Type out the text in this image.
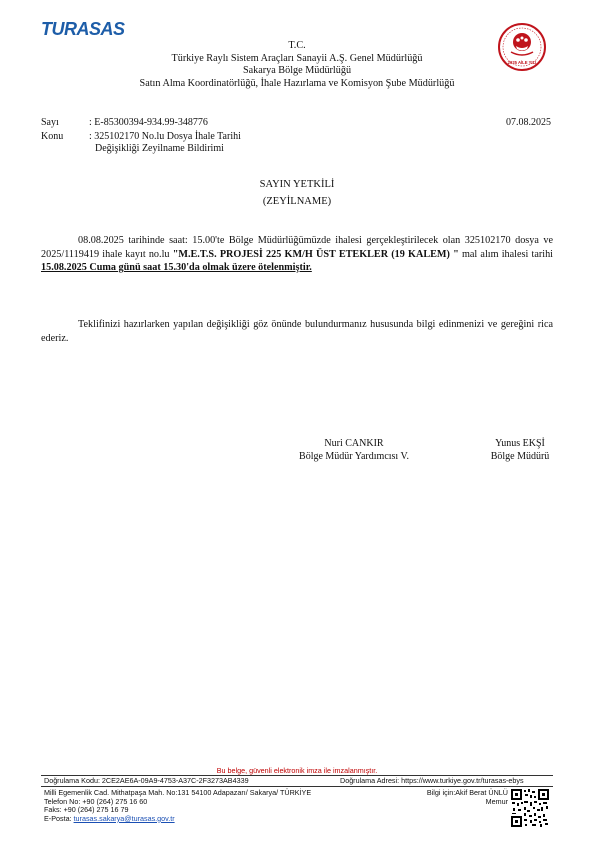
TURASAS
2025 AİLE YILI
T.C.
Türkiye Raylı Sistem Araçları Sanayii A.Ş. Genel Müdürlüğü
Sakarya Bölge Müdürlüğü
Satın Alma Koordinatörlüğü, İhale Hazırlama ve Komisyon Şube Müdürlüğü
Sayı	: E-85300394-934.99-348776	07.08.2025
Konu	: 325102170 No.lu Dosya İhale Tarihi
Değişikliği Zeyilname Bildirimi
SAYIN YETKİLİ
(ZEYİLNAME)

08.08.2025 tarihinde saat: 15.00'te Bölge Müdürlüğümüzde ihalesi gerçekleştirilecek olan 325102170 dosya ve 2025/1119419 ihale kayıt no.lu "M.E.T.S. PROJESİ 225 KM/H ÜST ETEKLER (19 KALEM) " mal alım ihalesi tarihi 15.08.2025 Cuma günü saat 15.30'da olmak üzere ötelenmiştir.

Teklifinizi hazırlarken yapılan değişikliği göz önünde bulundurmanız hususunda bilgi edinmenizi ve gereğini rica ederiz.

Nuri CANKIR
Bölge Müdür Yardımcısı V.
Yunus EKŞİ
Bölge Müdürü
Bu belge, güvenli elektronik imza ile imzalanmıştır.
Doğrulama Kodu: 2CE2AE6A-09A9-4753-A37C-2F3273AB4339	Doğrulama Adresi: https://www.turkiye.gov.tr/turasas-ebys
Milli Egemenlik Cad. Mithatpaşa Mah. No:131 54100 Adapazarı/ Sakarya/ TÜRKİYE
Telefon No: +90 (264) 275 16 60
Faks: +90 (264) 275 16 79
E-Posta: turasas.sakarya@turasas.gov.tr
Bilgi için:Akif Berat ÜNLÜ
Memur
